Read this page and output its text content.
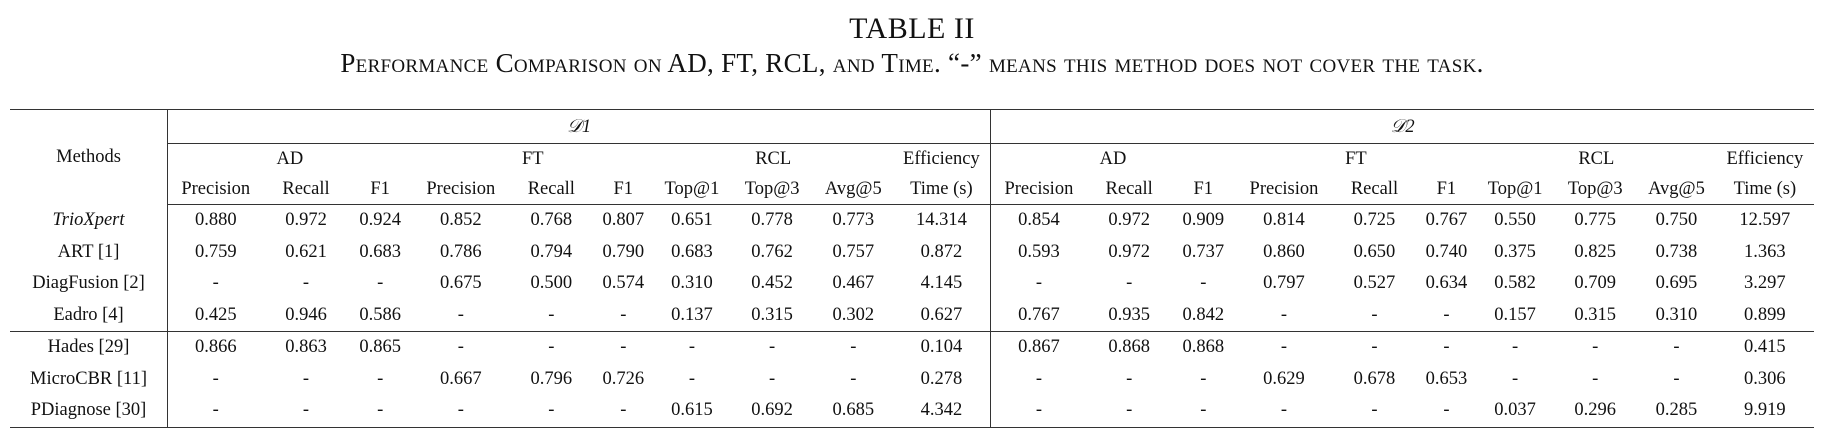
TABLE II
Performance Comparison on AD, FT, RCL, and Time. “-” means this method does not cover the task.
Methods	𝒟1										𝒟2									
	AD			FT			RCL			Efficiency	AD			FT			RCL			Efficiency
	Precision	Recall	F1	Precision	Recall	F1	Top@1	Top@3	Avg@5	Time (s)	Precision	Recall	F1	Precision	Recall	F1	Top@1	Top@3	Avg@5	Time (s)
TrioXpert	0.880	0.972	0.924	0.852	0.768	0.807	0.651	0.778	0.773	14.314	0.854	0.972	0.909	0.814	0.725	0.767	0.550	0.775	0.750	12.597
ART [1]	0.759	0.621	0.683	0.786	0.794	0.790	0.683	0.762	0.757	0.872	0.593	0.972	0.737	0.860	0.650	0.740	0.375	0.825	0.738	1.363
DiagFusion [2]	-	-	-	0.675	0.500	0.574	0.310	0.452	0.467	4.145	-	-	-	0.797	0.527	0.634	0.582	0.709	0.695	3.297
Eadro [4]	0.425	0.946	0.586	-	-	-	0.137	0.315	0.302	0.627	0.767	0.935	0.842	-	-	-	0.157	0.315	0.310	0.899
Hades [29]	0.866	0.863	0.865	-	-	-	-	-	-	0.104	0.867	0.868	0.868	-	-	-	-	-	-	0.415
MicroCBR [11]	-	-	-	0.667	0.796	0.726	-	-	-	0.278	-	-	-	0.629	0.678	0.653	-	-	-	0.306
PDiagnose [30]	-	-	-	-	-	-	0.615	0.692	0.685	4.342	-	-	-	-	-	-	0.037	0.296	0.285	9.919
